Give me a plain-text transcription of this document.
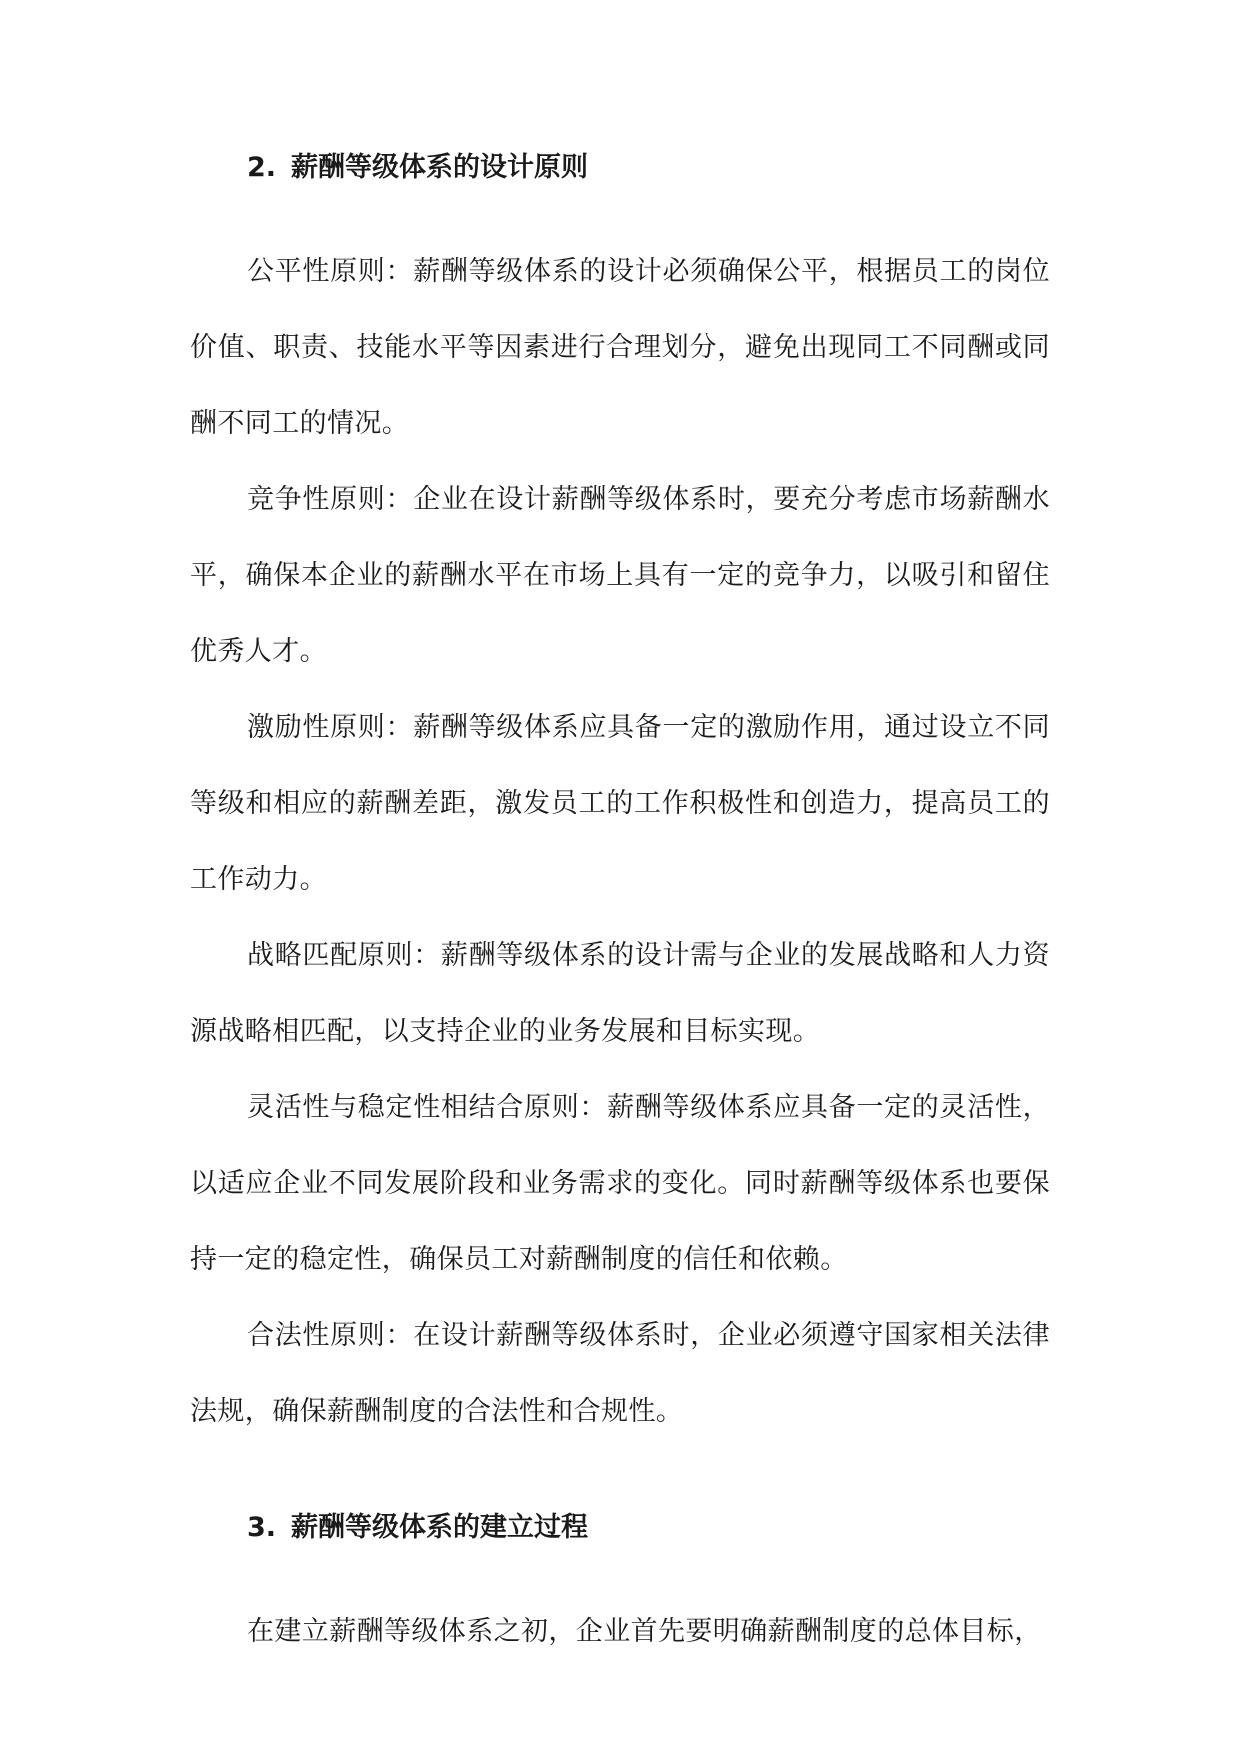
2. 薪酬等级体系的设计原则

公平性原则：薪酬等级体系的设计必须确保公平，根据员工的岗位价值、职责、技能水平等因素进行合理划分，避免出现同工不同酬或同酬不同工的情况。

竞争性原则：企业在设计薪酬等级体系时，要充分考虑市场薪酬水平，确保本企业的薪酬水平在市场上具有一定的竞争力，以吸引和留住优秀人才。

激励性原则：薪酬等级体系应具备一定的激励作用，通过设立不同等级和相应的薪酬差距，激发员工的工作积极性和创造力，提高员工的工作动力。

战略匹配原则：薪酬等级体系的设计需与企业的发展战略和人力资源战略相匹配，以支持企业的业务发展和目标实现。

灵活性与稳定性相结合原则：薪酬等级体系应具备一定的灵活性，以适应企业不同发展阶段和业务需求的变化。同时薪酬等级体系也要保持一定的稳定性，确保员工对薪酬制度的信任和依赖。

合法性原则：在设计薪酬等级体系时，企业必须遵守国家相关法律法规，确保薪酬制度的合法性和合规性。

3. 薪酬等级体系的建立过程

在建立薪酬等级体系之初，企业首先要明确薪酬制度的总体目标，
